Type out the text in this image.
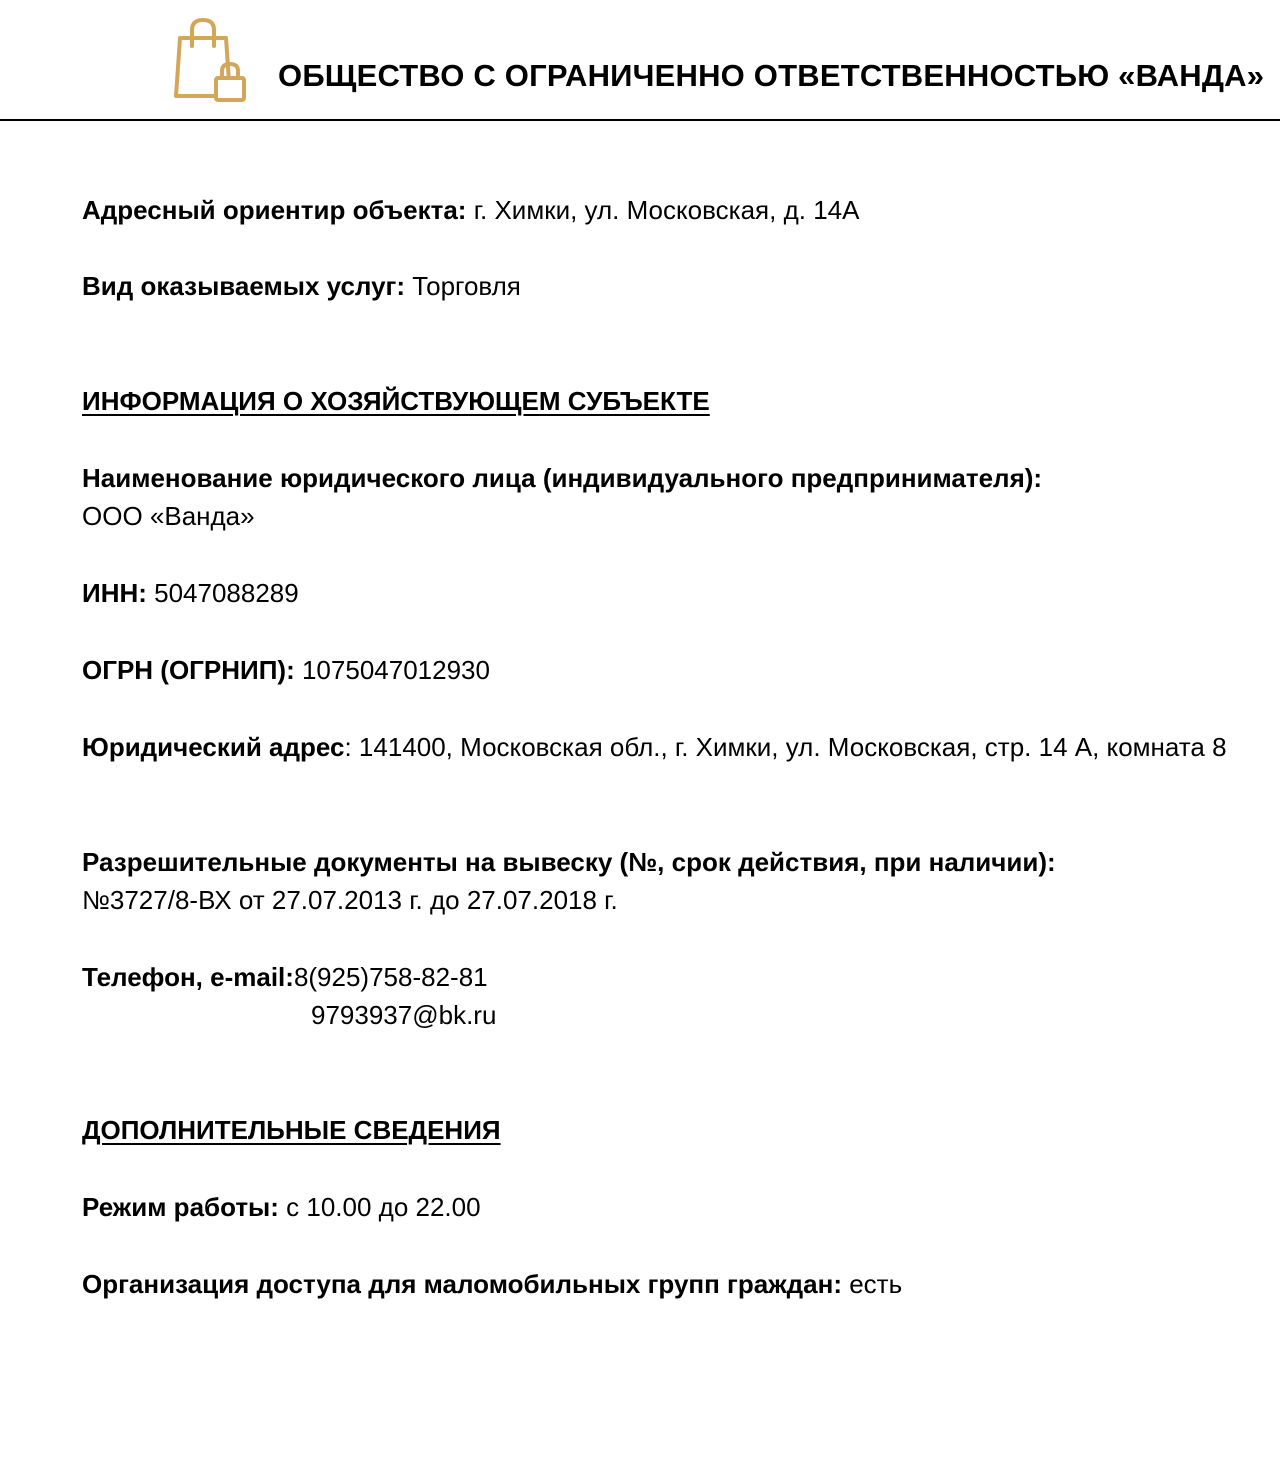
ОБЩЕСТВО С ОГРАНИЧЕННО ОТВЕТСТВЕННОСТЬЮ «ВАНДА»
Адресный ориентир объекта: г. Химки, ул. Московская, д. 14А
Вид оказываемых услуг: Торговля
ИНФОРМАЦИЯ О ХОЗЯЙСТВУЮЩЕМ СУБЪЕКТЕ
Наименование юридического лица (индивидуального предпринимателя):
ООО «Ванда»
ИНН: 5047088289
ОГРН (ОГРНИП): 1075047012930
Юридический адрес: 141400, Московская обл., г. Химки, ул. Московская, стр. 14 А, комната 8
Разрешительные документы на вывеску (№, срок действия, при наличии):
№3727/8-ВХ от 27.07.2013 г. до 27.07.2018 г.
Телефон, e-mail:8(925)758-82-81
9793937@bk.ru
ДОПОЛНИТЕЛЬНЫЕ СВЕДЕНИЯ
Режим работы: с 10.00 до 22.00
Организация доступа для маломобильных групп граждан: есть
